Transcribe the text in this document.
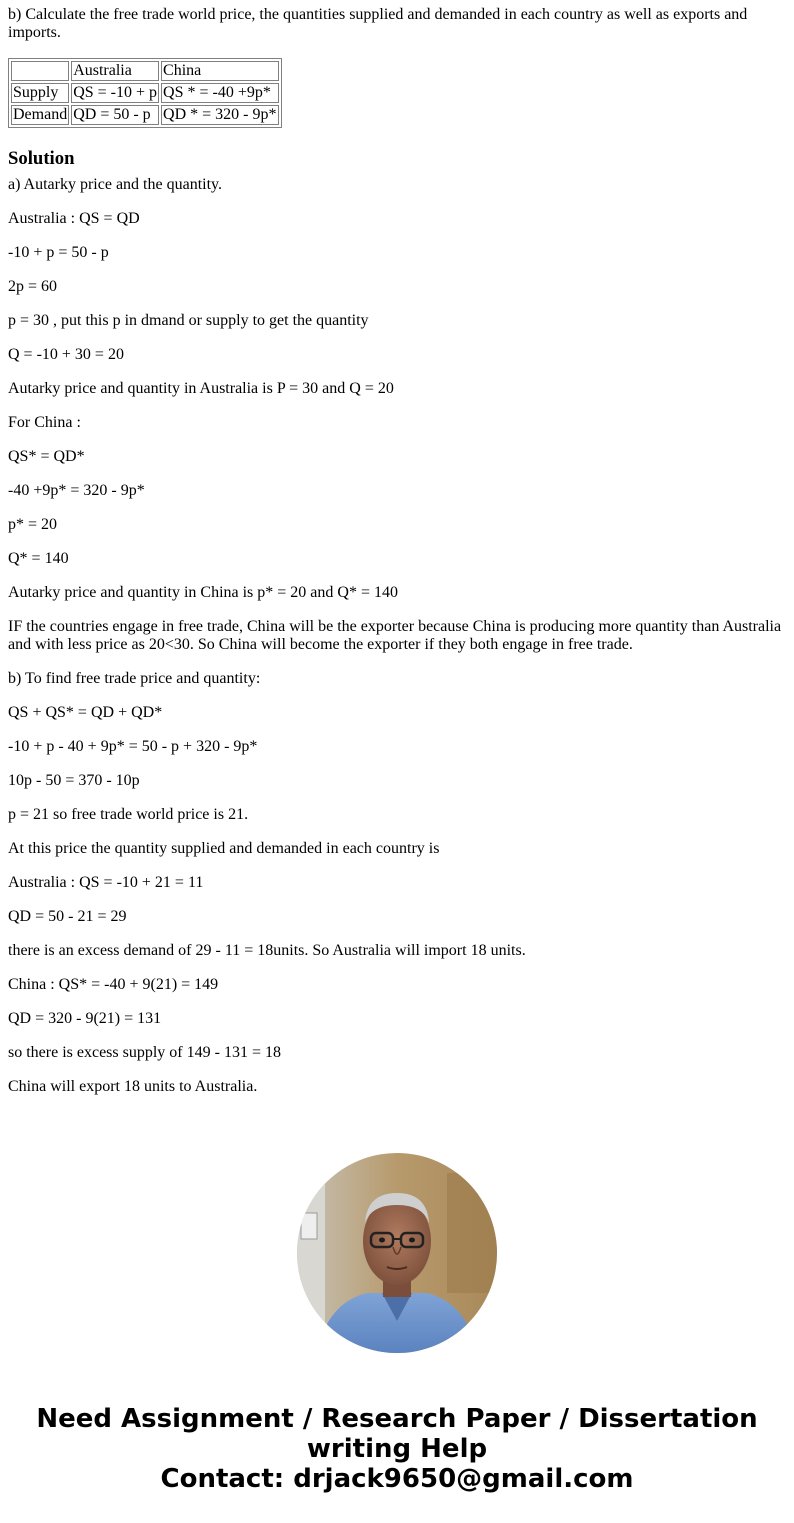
b) Calculate the free trade world price, the quantities supplied and demanded in each country as well as exports and imports.

	Australia	China
Supply	QS = -10 + p	QS * = -40 +9p*
Demand	QD = 50 - p	QD * = 320 - 9p*
Solution

a) Autarky price and the quantity.

Australia : QS = QD

-10 + p = 50 - p

2p = 60

p = 30 , put this p in dmand or supply to get the quantity

Q = -10 + 30 = 20

Autarky price and quantity in Australia is P = 30 and Q = 20

For China :

QS* = QD*

-40 +9p* = 320 - 9p*

p* = 20

Q* = 140

Autarky price and quantity in China is p* = 20 and Q* = 140

IF the countries engage in free trade, China will be the exporter because China is producing more quantity than Australia and with less price as 20<30. So China will become the exporter if they both engage in free trade.

b) To find free trade price and quantity:

QS + QS* = QD + QD*

-10 + p - 40 + 9p* = 50 - p + 320 - 9p*

10p - 50 = 370 - 10p

p = 21 so free trade world price is 21.

At this price the quantity supplied and demanded in each country is

Australia : QS = -10 + 21 = 11

QD = 50 - 21 = 29

there is an excess demand of 29 - 11 = 18units. So Australia will import 18 units.

China : QS* = -40 + 9(21) = 149

QD = 320 - 9(21) = 131

so there is excess supply of 149 - 131 = 18

China will export 18 units to Australia.

Need Assignment / Research Paper / Dissertation
writing Help
Contact: drjack9650@gmail.com
